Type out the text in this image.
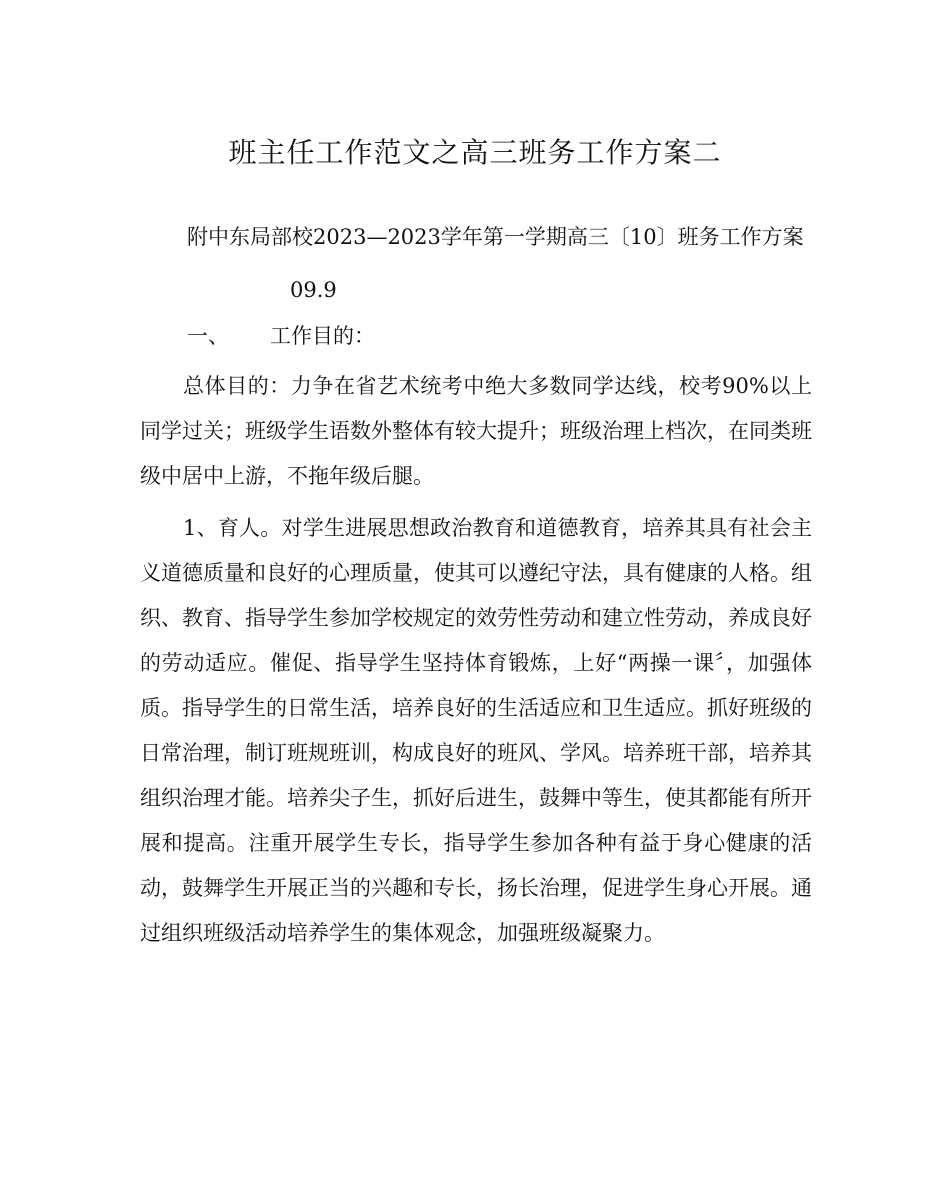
班主任工作范文之高三班务工作方案二

附中东局部校2023—2023学年第一学期高三〔10〕班务工作方案

09.9

一、 工作目的：

总体目的：力争在省艺术统考中绝大多数同学达线，校考90%以上同学过关；班级学生语数外整体有较大提升；班级治理上档次，在同类班级中居中上游，不拖年级后腿。

1、育人。对学生进展思想政治教育和道德教育，培养其具有社会主义道德质量和良好的心理质量，使其可以遵纪守法，具有健康的人格。组织、教育、指导学生参加学校规定的效劳性劳动和建立性劳动，养成良好的劳动适应。催促、指导学生坚持体育锻炼，上好“两操一课〞，加强体质。指导学生的日常生活，培养良好的生活适应和卫生适应。抓好班级的日常治理，制订班规班训，构成良好的班风、学风。培养班干部，培养其组织治理才能。培养尖子生，抓好后进生，鼓舞中等生，使其都能有所开展和提高。注重开展学生专长，指导学生参加各种有益于身心健康的活动，鼓舞学生开展正当的兴趣和专长，扬长治理，促进学生身心开展。通过组织班级活动培养学生的集体观念，加强班级凝聚力。
